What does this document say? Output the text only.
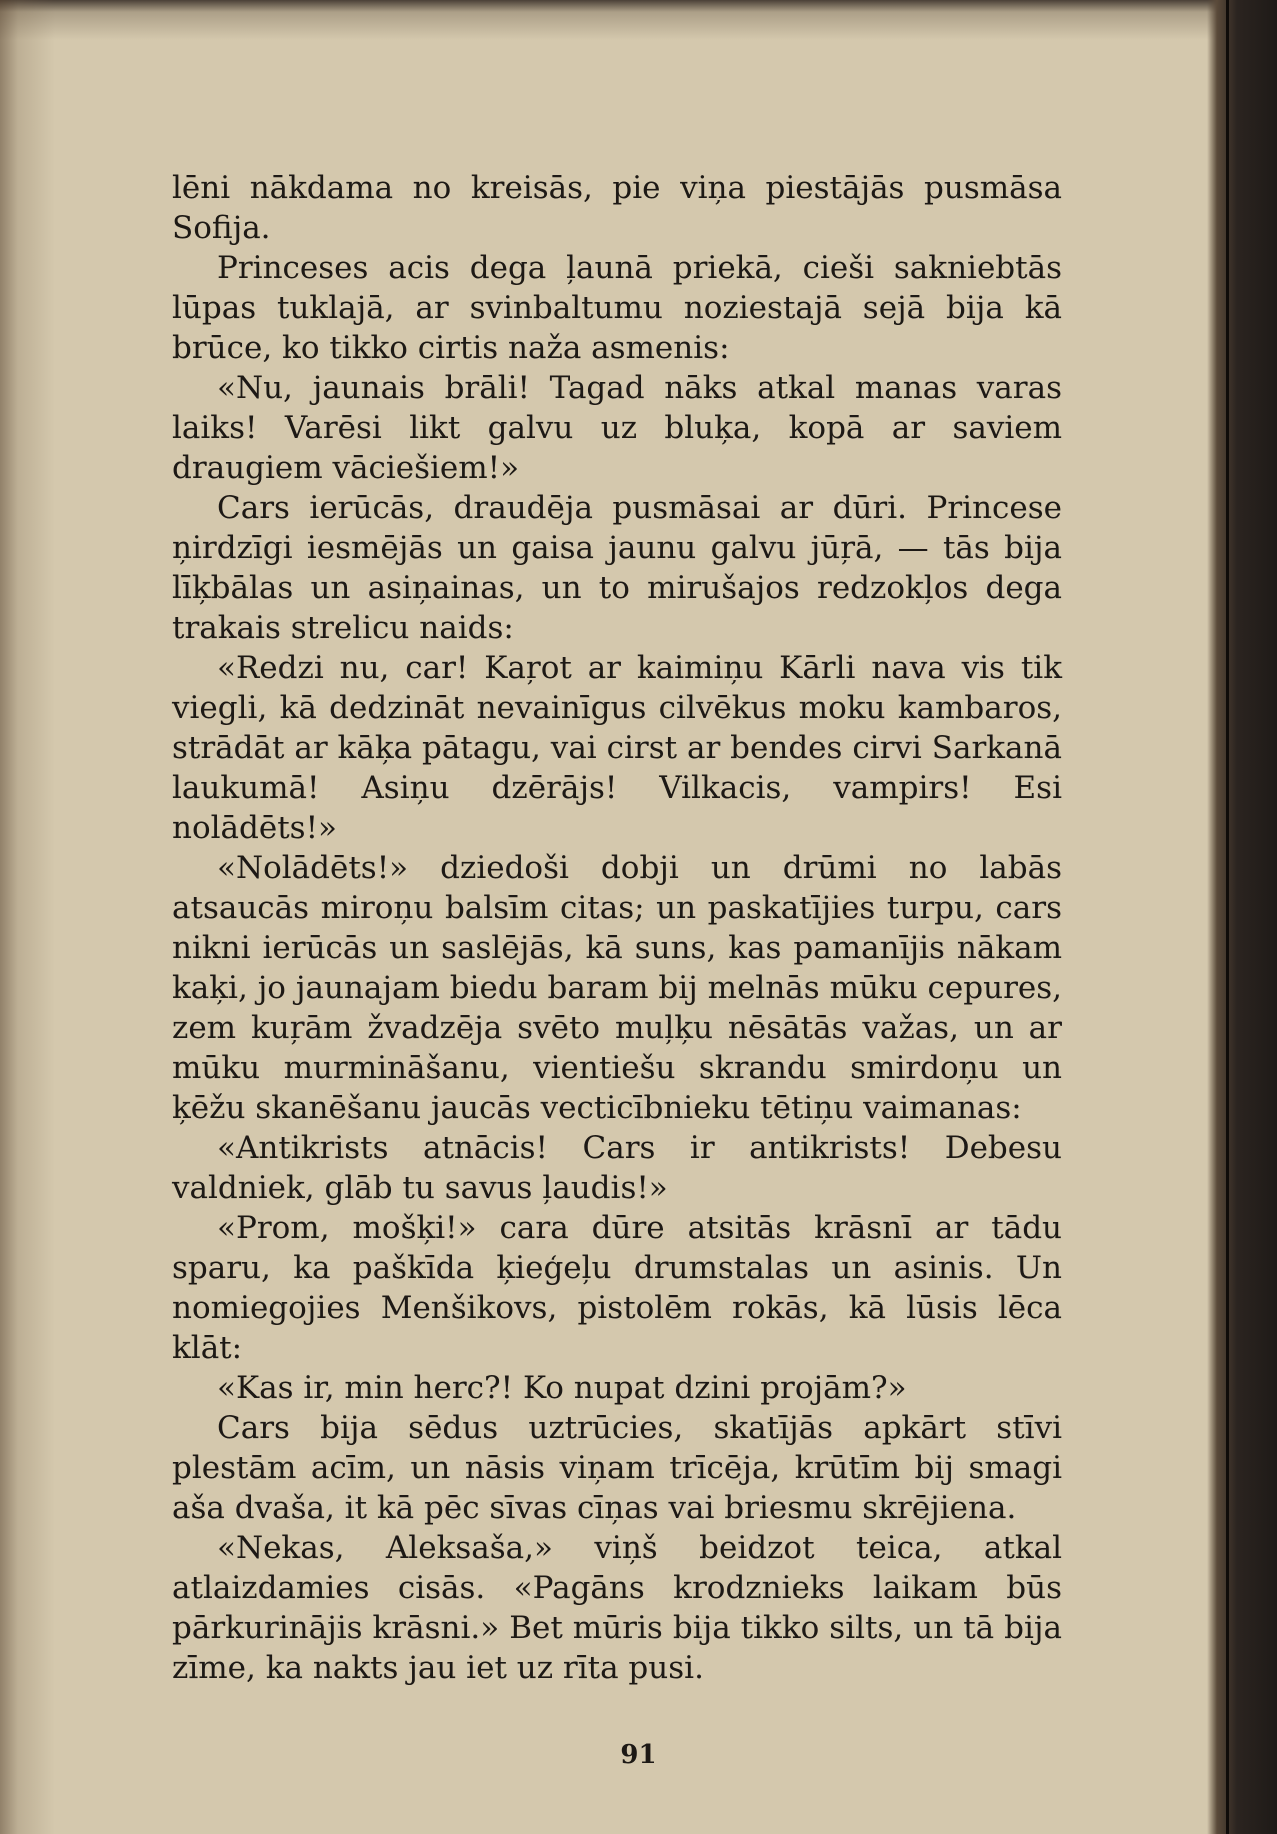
lēni nākdama no kreisās, pie viņa piestājās pusmāsa Sofija.

Princeses acis dega ļaunā priekā, cieši sakniebtās lūpas tuklajā, ar svinbaltumu noziestajā sejā bija kā brūce, ko tikko cirtis naža asmenis:

«Nu, jaunais brāli! Tagad nāks atkal manas varas laiks! Varēsi likt galvu uz bluķa, kopā ar saviem draugiem vāciešiem!»

Cars ierūcās, draudēja pusmāsai ar dūri. Princese ņirdzīgi iesmējās un gaisa jaunu galvu jūŗā, — tās bija līķbālas un asiņainas, un to mirušajos redzokļos dega trakais strelicu naids:

«Redzi nu, car! Kaŗot ar kaimiņu Kārli nava vis tik viegli, kā dedzināt nevainīgus cilvēkus moku kambaros, strādāt ar kāķa pātagu, vai cirst ar bendes cirvi Sarkanā laukumā! Asiņu dzērājs! Vilkacis, vampirs! Esi nolādēts!»

«Nolādēts!» dziedoši dobji un drūmi no labās atsaucās miroņu balsīm citas; un paskatījies turpu, cars nikni ierūcās un saslējās, kā suns, kas pamanījis nākam kaķi, jo jaunajam biedu baram bij melnās mūku cepures, zem kuŗām žvadzēja svēto muļķu nēsātās važas, un ar mūku murmināšanu, vientiešu skrandu smirdoņu un ķēžu skanēšanu jaucās vecticībnieku tētiņu vaimanas:

«Antikrists atnācis! Cars ir antikrists! Debesu valdniek, glāb tu savus ļaudis!»

«Prom, mošķi!» cara dūre atsitās krāsnī ar tādu sparu, ka paškīda ķieģeļu drumstalas un asinis. Un nomiegojies Menšikovs, pistolēm rokās, kā lūsis lēca klāt:

«Kas ir, min herc?! Ko nupat dzini projām?»

Cars bija sēdus uztrūcies, skatījās apkārt stīvi plestām acīm, un nāsis viņam trīcēja, krūtīm bij smagi aša dvaša, it kā pēc sīvas cīņas vai briesmu skrējiena.

«Nekas, Aleksaša,» viņš beidzot teica, atkal atlaizdamies cisās. «Pagāns krodznieks laikam būs pārkurinājis krāsni.» Bet mūris bija tikko silts, un tā bija zīme, ka nakts jau iet uz rīta pusi.

91
